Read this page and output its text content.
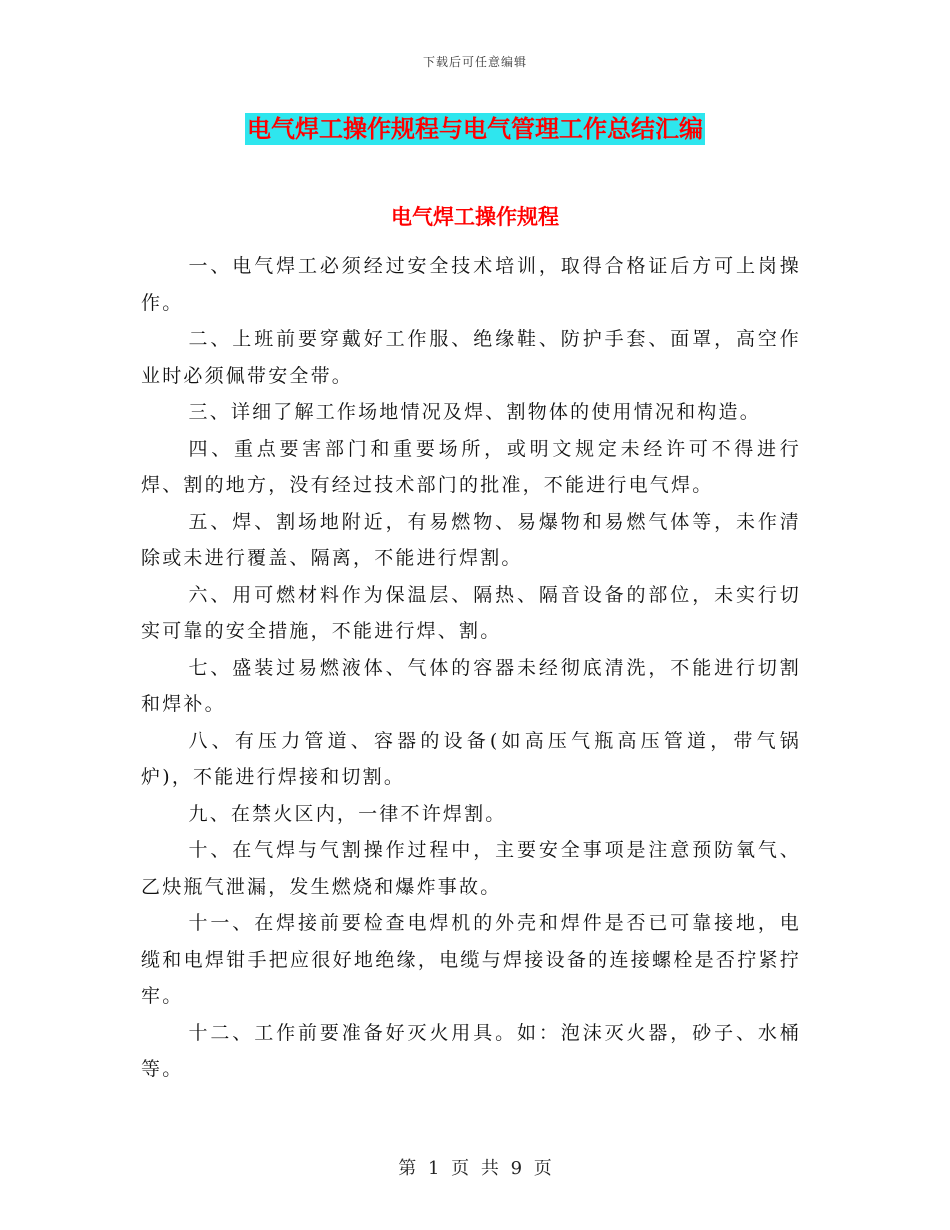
下载后可任意编辑
电气焊工操作规程与电气管理工作总结汇编
电气焊工操作规程

一、电气焊工必须经过安全技术培训，取得合格证后方可上岗操作。

二、上班前要穿戴好工作服、绝缘鞋、防护手套、面罩，高空作业时必须佩带安全带。

三、详细了解工作场地情况及焊、割物体的使用情况和构造。

四、重点要害部门和重要场所，或明文规定未经许可不得进行焊、割的地方，没有经过技术部门的批准，不能进行电气焊。

五、焊、割场地附近，有易燃物、易爆物和易燃气体等，未作清除或未进行覆盖、隔离，不能进行焊割。

六、用可燃材料作为保温层、隔热、隔音设备的部位，未实行切实可靠的安全措施，不能进行焊、割。

七、盛装过易燃液体、气体的容器未经彻底清洗，不能进行切割和焊补。

八、有压力管道、容器的设备(如高压气瓶高压管道，带气锅炉)，不能进行焊接和切割。

九、在禁火区内，一律不许焊割。

十、在气焊与气割操作过程中，主要安全事项是注意预防氧气、乙炔瓶气泄漏，发生燃烧和爆炸事故。

十一、在焊接前要检查电焊机的外壳和焊件是否已可靠接地，电缆和电焊钳手把应很好地绝缘，电缆与焊接设备的连接螺栓是否拧紧拧牢。

十二、工作前要准备好灭火用具。如：泡沫灭火器，砂子、水桶等。

第 1 页 共 9 页
